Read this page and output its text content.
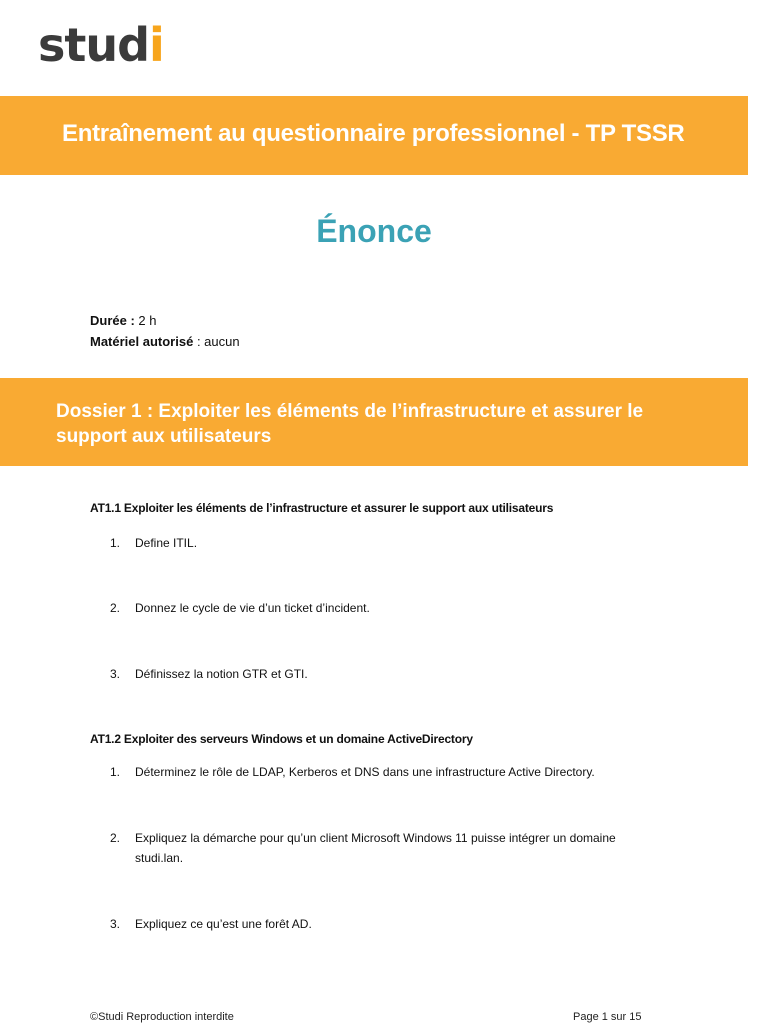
studi
Entraînement au questionnaire professionnel - TP TSSR
Énonce
Durée : 2 h
Matériel autorisé : aucun
Dossier 1 : Exploiter les éléments de l’infrastructure et assurer le support aux utilisateurs
AT1.1 Exploiter les éléments de l’infrastructure et assurer le support aux utilisateurs
1. Define ITIL.
2. Donnez le cycle de vie d’un ticket d’incident.
3. Définissez la notion GTR et GTI.
AT1.2 Exploiter des serveurs Windows et un domaine ActiveDirectory
1. Déterminez le rôle de LDAP, Kerberos et DNS dans une infrastructure Active Directory.
2. Expliquez la démarche pour qu’un client Microsoft Windows 11 puisse intégrer un domaine studi.lan.
3. Expliquez ce qu’est une forêt AD.
©Studi Reproduction interdite	Page 1 sur 15
